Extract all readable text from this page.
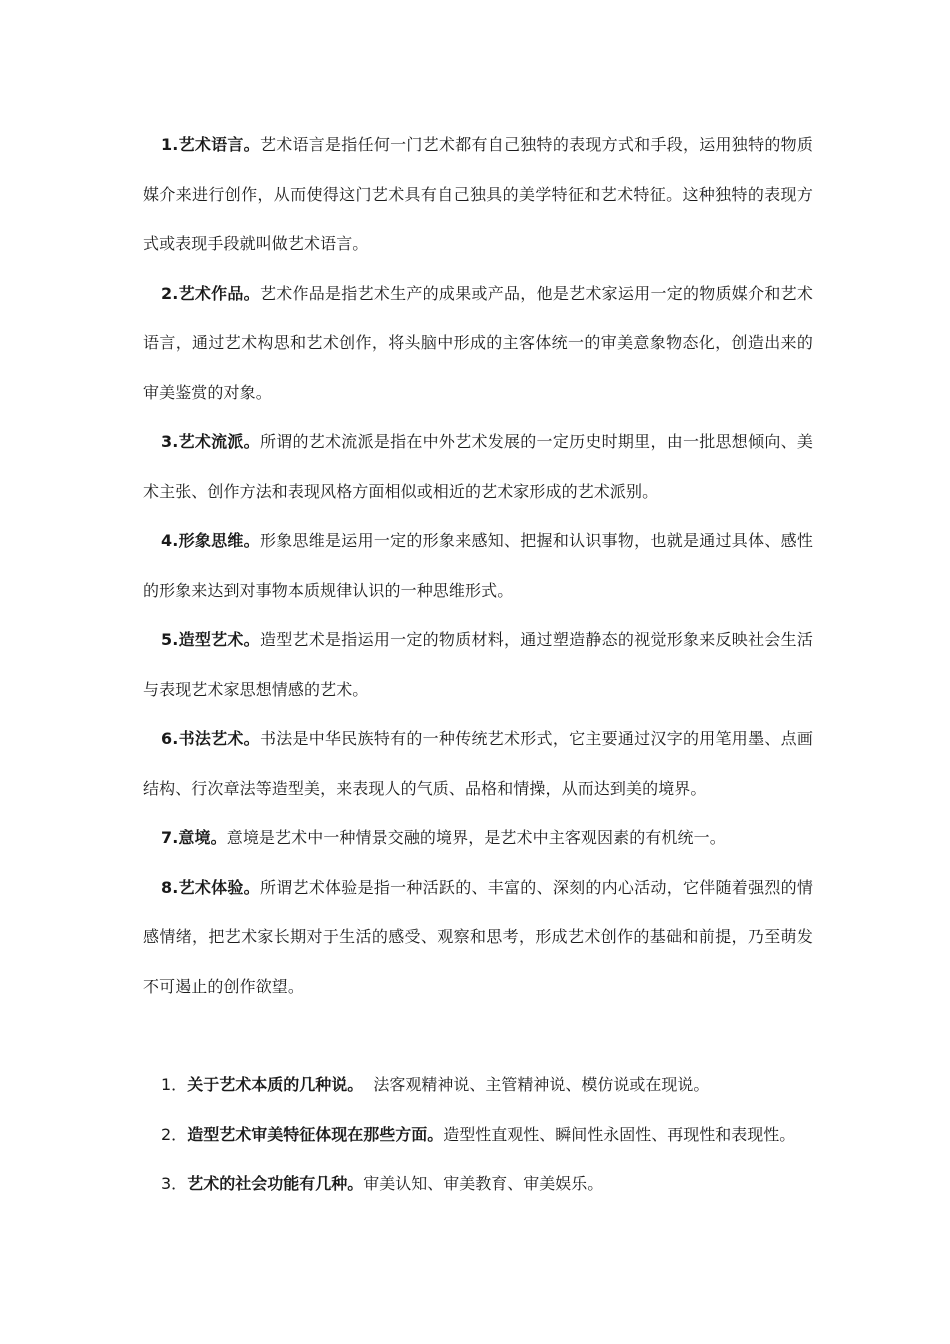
1.艺术语言。艺术语言是指任何一门艺术都有自己独特的表现方式和手段，运用独特的物质媒介来进行创作，从而使得这门艺术具有自己独具的美学特征和艺术特征。这种独特的表现方式或表现手段就叫做艺术语言。

2.艺术作品。艺术作品是指艺术生产的成果或产品，他是艺术家运用一定的物质媒介和艺术语言，通过艺术构思和艺术创作，将头脑中形成的主客体统一的审美意象物态化，创造出来的审美鉴赏的对象。

3.艺术流派。所谓的艺术流派是指在中外艺术发展的一定历史时期里，由一批思想倾向、美术主张、创作方法和表现风格方面相似或相近的艺术家形成的艺术派别。

4.形象思维。形象思维是运用一定的形象来感知、把握和认识事物，也就是通过具体、感性的形象来达到对事物本质规律认识的一种思维形式。

5.造型艺术。造型艺术是指运用一定的物质材料，通过塑造静态的视觉形象来反映社会生活与表现艺术家思想情感的艺术。

6.书法艺术。书法是中华民族特有的一种传统艺术形式，它主要通过汉字的用笔用墨、点画结构、行次章法等造型美，来表现人的气质、品格和情操，从而达到美的境界。

7.意境。意境是艺术中一种情景交融的境界，是艺术中主客观因素的有机统一。

8.艺术体验。所谓艺术体验是指一种活跃的、丰富的、深刻的内心活动，它伴随着强烈的情感情绪，把艺术家长期对于生活的感受、观察和思考，形成艺术创作的基础和前提，乃至萌发不可遏止的创作欲望。

1．关于艺术本质的几种说。  法客观精神说、主管精神说、模仿说或在现说。

2．造型艺术审美特征体现在那些方面。造型性直观性、瞬间性永固性、再现性和表现性。

3．艺术的社会功能有几种。审美认知、审美教育、审美娱乐。
